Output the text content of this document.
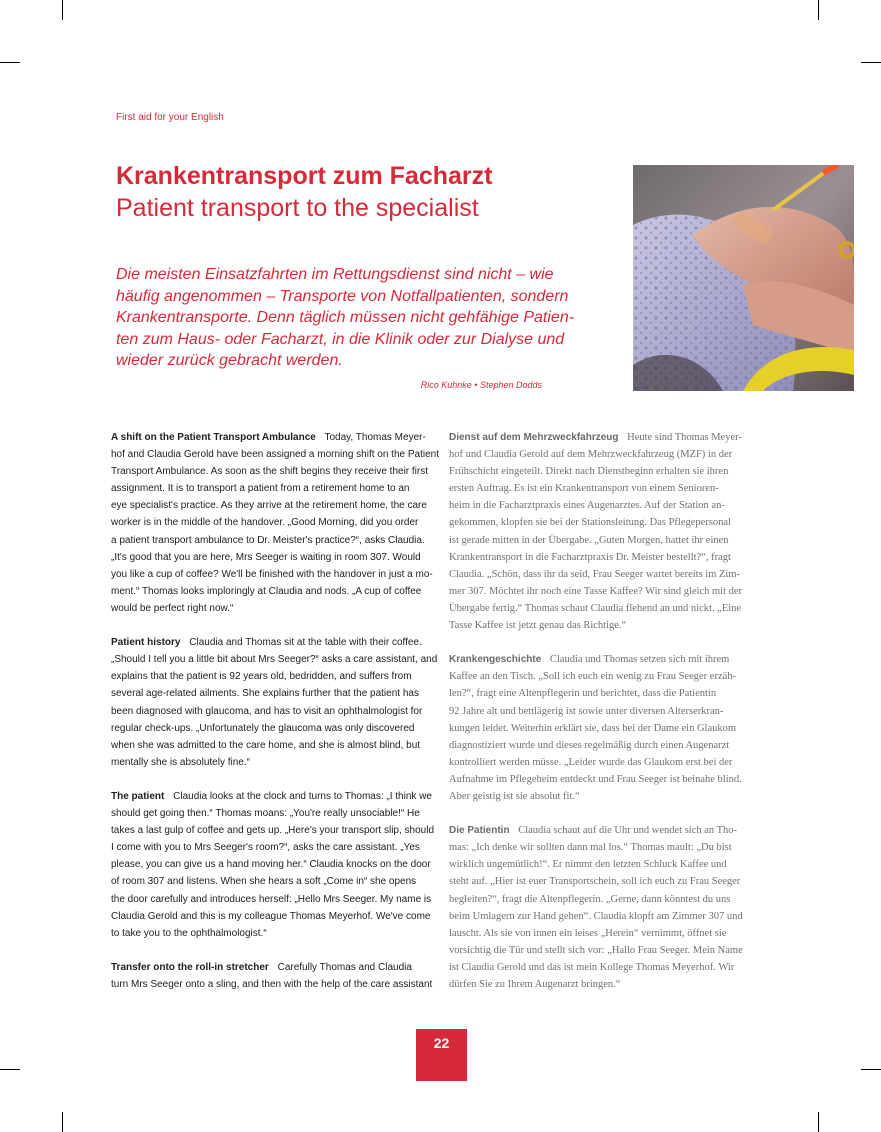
First aid for your English
Krankentransport zum Facharzt
Patient transport to the specialist
Die meisten Einsatzfahrten im Rettungsdienst sind nicht – wie
häufig angenommen – Transporte von Notfallpatienten, sondern
Krankentransporte. Denn täglich müssen nicht gehfähige Patien-
ten zum Haus- oder Facharzt, in die Klinik oder zur Dialyse und
wieder zurück gebracht werden.
Rico Kuhnke • Stephen Dodds

A shift on the Patient Transport Ambulance Today, Thomas Meyer-
hof and Claudia Gerold have been assigned a morning shift on the Patient
Transport Ambulance. As soon as the shift begins they receive their first
assignment. It is to transport a patient from a retirement home to an
eye specialist's practice. As they arrive at the retirement home, the care
worker is in the middle of the handover. „Good Morning, did you order
a patient transport ambulance to Dr. Meister's practice?“, asks Claudia.
„It's good that you are here, Mrs Seeger is waiting in room 307. Would
you like a cup of coffee? We'll be finished with the handover in just a mo-
ment.“ Thomas looks imploringly at Claudia and nods. „A cup of coffee
would be perfect right now.“

Patient history Claudia and Thomas sit at the table with their coffee.
„Should I tell you a little bit about Mrs Seeger?“ asks a care assistant, and
explains that the patient is 92 years old, bedridden, and suffers from
several age-related ailments. She explains further that the patient has
been diagnosed with glaucoma, and has to visit an ophthalmologist for
regular check-ups. „Unfortunately the glaucoma was only discovered
when she was admitted to the care home, and she is almost blind, but
mentally she is absolutely fine.“

The patient Claudia looks at the clock and turns to Thomas: „I think we
should get going then.“ Thomas moans: „You're really unsociable!“ He
takes a last gulp of coffee and gets up. „Here's your transport slip, should
I come with you to Mrs Seeger's room?“, asks the care assistant. „Yes
please, you can give us a hand moving her.“ Claudia knocks on the door
of room 307 and listens. When she hears a soft „Come in“ she opens
the door carefully and introduces herself: „Hello Mrs Seeger. My name is
Claudia Gerold and this is my colleague Thomas Meyerhof. We've come
to take you to the ophthalmologist.“

Transfer onto the roll-in stretcher Carefully Thomas and Claudia
turn Mrs Seeger onto a sling, and then with the help of the care assistant

Dienst auf dem Mehrzweckfahrzeug Heute sind Thomas Meyer-
hof und Claudia Gerold auf dem Mehrzweckfahrzeug (MZF) in der
Frühschicht eingeteilt. Direkt nach Dienstbeginn erhalten sie ihren
ersten Auftrag. Es ist ein Krankentransport von einem Senioren-
heim in die Facharztpraxis eines Augenarztes. Auf der Station an-
gekommen, klopfen sie bei der Stationsleitung. Das Pflegepersonal
ist gerade mitten in der Übergabe. „Guten Morgen, hattet ihr einen
Krankentransport in die Facharztpraxis Dr. Meister bestellt?“, fragt
Claudia. „Schön, dass ihr da seid, Frau Seeger wartet bereits im Zim-
mer 307. Möchtet ihr noch eine Tasse Kaffee? Wir sind gleich mit der
Übergabe fertig.“ Thomas schaut Claudia flehend an und nickt. „Eine
Tasse Kaffee ist jetzt genau das Richtige.“

Krankengeschichte Claudia und Thomas setzen sich mit ihrem
Kaffee an den Tisch. „Soll ich euch ein wenig zu Frau Seeger erzäh-
len?“, fragt eine Altenpflegerin und berichtet, dass die Patientin
92 Jahre alt und bettlägerig ist sowie unter diversen Alterserkran-
kungen leidet. Weiterhin erklärt sie, dass bei der Dame ein Glaukom
diagnostiziert wurde und dieses regelmäßig durch einen Augenarzt
kontrolliert werden müsse. „Leider wurde das Glaukom erst bei der
Aufnahme im Pflegeheim entdeckt und Frau Seeger ist beinahe blind.
Aber geistig ist sie absolut fit.“

Die Patientin Claudia schaut auf die Uhr und wendet sich an Tho-
mas: „Ich denke wir sollten dann mal los.“ Thomas mault: „Du bist
wirklich ungemütlich!“. Er nimmt den letzten Schluck Kaffee und
steht auf. „Hier ist euer Transportschein, soll ich euch zu Frau Seeger
begleiten?“, fragt die Altenpflegerin. „Gerne, dann könntest du uns
beim Umlagern zur Hand gehen“. Claudia klopft am Zimmer 307 und
lauscht. Als sie von innen ein leises „Herein“ vernimmt, öffnet sie
vorsichtig die Tür und stellt sich vor: „Hallo Frau Seeger. Mein Name
ist Claudia Gerold und das ist mein Kollege Thomas Meyerhof. Wir
dürfen Sie zu Ihrem Augenarzt bringen.“

22
